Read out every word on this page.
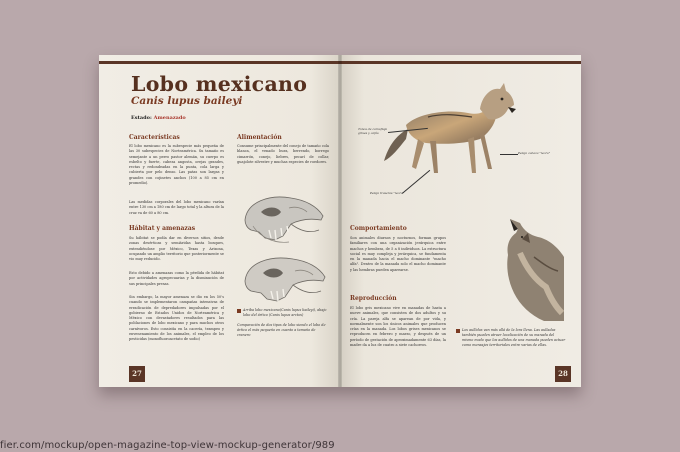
Lobo mexicano
Canis lupus baileyi
Estado: Amenazado
Características

El lobo mexicano es la subespecie más pequeña de las 30 subespecies de Norteamérica. Su tamaño es semejante a un perro pastor alemán, su cuerpo es esbelto y fuerte, cabeza angosta, orejas grandes, rectas y redondeadas en la punta, cola larga y cubierta por pelo denso. Las patas son largas y grandes con cojinetes anchos (100 a 85 cm en promedio).

Las medidas corporales del lobo mexicano varían entre 130 cm a 180 cm de largo total y la altura de la cruz va de 60 a 80 cm.

Hábitat y amenazas

Su hábitat se podía dar en diversos sitios, desde zonas desérticas y semiáridas hasta bosques, extendiéndose por México, Texas y Arizona, ocupando un amplio territorio que posteriormente se vio muy reducido.

Esto debido a amenazas como la pérdida de hábitat por actividades agropecuarias y la disminución de sus principales presas.

Sin embargo, la mayor amenaza se dio en los 50's cuando se implementaron campañas intensivas de erradicación de depredadores impulsadas por el gobierno de Estados Unidos de Norteamérica y México con devastadores resultados para las poblaciones de lobo mexicano y para muchos otros carnívoros. Esto consistía en la cacería, trampeo y envenenamiento de los animales, el empleo de los pesticidas (monofluoroacetato de sodio)

Alimentación

Consume principalmente del conejo de tamaño cola blanca, el venado bura, berrendo, borrego cimarrón, conejo, liebres, pecarí de collar, guajolote silvestre y muchas especies de roedores.

Arriba lobo mexicano(Canis lupus baileyi), abajo lobo del ártico (Canis lupus arctos)

Comparación de dos tipos de lobo siendo el lobo de ártico el más pequeño en cuanto a tamaño de cranero

27
Tonos de camuflaje grises y cafés
Pelaje traseras "leora"
Pelaje cabeza "leora"
Comportamiento

Son animales diurnos y nocturnos, forman grupos familiares con una organización jerárquica entre machos y hembras, de 5 a 8 individuos. La estructura social es muy compleja y jerárquica, se fundamenta en la manada hacia el macho dominante "macho alfa". Dentro de la manada solo el macho dominante y las hembras pueden aparearse.

Reproducción

El lobo gris mexicano vive en manadas de hasta a nueve animales, que consisten de dos adultos y su cría. La pareja alfa se aparean de por vida, y normalmente son los únicos animales que producen crías en la manada. Los lobos grises mexicanos se reproducen en febrero y marzo, y después de un período de gestación de aproximadamente 63 días, la madre da a luz de cuatro a siete cachorros.

Los aullidos van más allá de la lora llena. Las aulladas también pueden atraer localización de su manada del mismo modo que los aullidos de una manada pueden actuar como mensajes territoriales entre varias de ellas.

28
fier.com/mockup/open-magazine-top-view-mockup-generator/989
